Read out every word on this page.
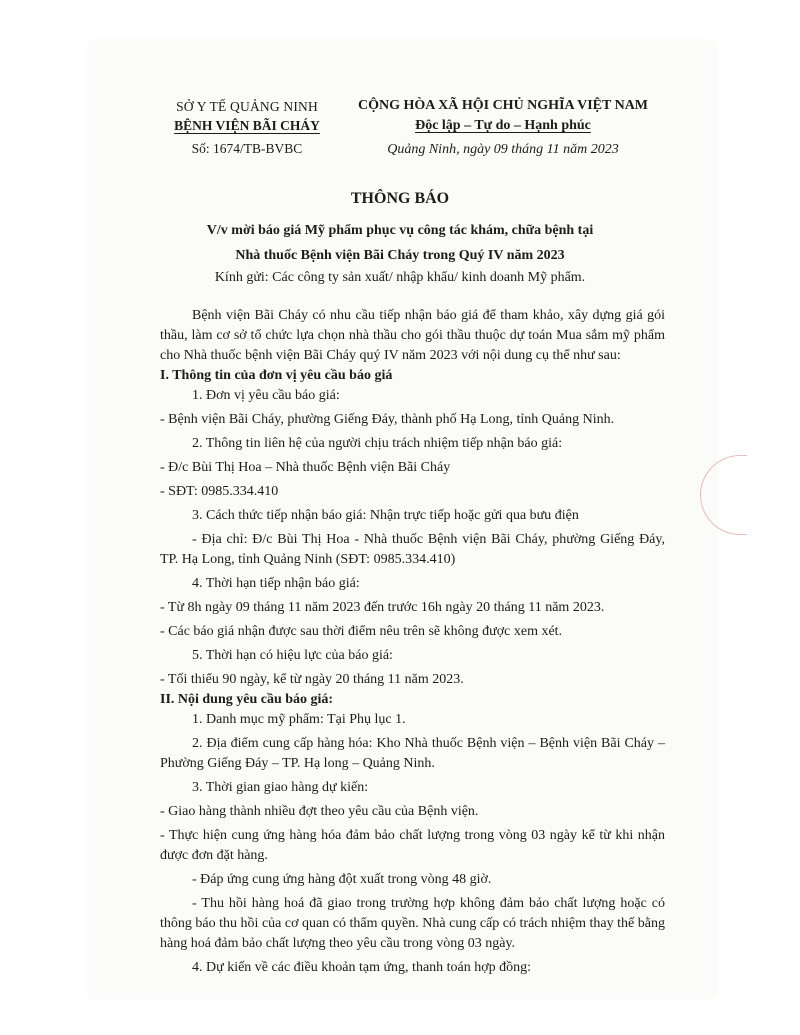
SỞ Y TẾ QUẢNG NINH
BỆNH VIỆN BÃI CHÁY
Số: 1674/TB-BVBC
CỘNG HÒA XÃ HỘI CHỦ NGHĨA VIỆT NAM
Độc lập – Tự do – Hạnh phúc
Quảng Ninh, ngày 09 tháng 11 năm 2023
THÔNG BÁO
V/v mời báo giá Mỹ phẩm phục vụ công tác khám, chữa bệnh tại
Nhà thuốc Bệnh viện Bãi Cháy trong Quý IV năm 2023
Kính gửi: Các công ty sản xuất/ nhập khẩu/ kinh doanh Mỹ phẩm.

Bệnh viện Bãi Cháy có nhu cầu tiếp nhận báo giá để tham khảo, xây dựng giá gói thầu, làm cơ sở tổ chức lựa chọn nhà thầu cho gói thầu thuộc dự toán Mua sắm mỹ phẩm cho Nhà thuốc bệnh viện Bãi Cháy quý IV năm 2023 với nội dung cụ thể như sau:

I. Thông tin của đơn vị yêu cầu báo giá

1. Đơn vị yêu cầu báo giá:

- Bệnh viện Bãi Cháy, phường Giếng Đáy, thành phố Hạ Long, tỉnh Quảng Ninh.

2. Thông tin liên hệ của người chịu trách nhiệm tiếp nhận báo giá:

- Đ/c Bùi Thị Hoa – Nhà thuốc Bệnh viện Bãi Cháy

- SĐT: 0985.334.410

3. Cách thức tiếp nhận báo giá: Nhận trực tiếp hoặc gửi qua bưu điện

- Địa chỉ: Đ/c Bùi Thị Hoa - Nhà thuốc Bệnh viện Bãi Cháy, phường Giếng Đáy, TP. Hạ Long, tỉnh Quảng Ninh (SĐT: 0985.334.410)

4. Thời hạn tiếp nhận báo giá:

- Từ 8h ngày 09 tháng 11 năm 2023 đến trước 16h ngày 20 tháng 11 năm 2023.

- Các báo giá nhận được sau thời điểm nêu trên sẽ không được xem xét.

5. Thời hạn có hiệu lực của báo giá:

- Tối thiểu 90 ngày, kể từ ngày 20 tháng 11 năm 2023.

II. Nội dung yêu cầu báo giá:

1. Danh mục mỹ phẩm: Tại Phụ lục 1.

2. Địa điểm cung cấp hàng hóa: Kho Nhà thuốc Bệnh viện – Bệnh viện Bãi Cháy – Phường Giếng Đáy – TP. Hạ long – Quảng Ninh.

3. Thời gian giao hàng dự kiến:

- Giao hàng thành nhiều đợt theo yêu cầu của Bệnh viện.

- Thực hiện cung ứng hàng hóa đảm bảo chất lượng trong vòng 03 ngày kể từ khi nhận được đơn đặt hàng.

- Đáp ứng cung ứng hàng đột xuất trong vòng 48 giờ.

- Thu hồi hàng hoá đã giao trong trường hợp không đảm bảo chất lượng hoặc có thông báo thu hồi của cơ quan có thẩm quyền. Nhà cung cấp có trách nhiệm thay thế bằng hàng hoá đảm bảo chất lượng theo yêu cầu trong vòng 03 ngày.

4. Dự kiến về các điều khoản tạm ứng, thanh toán hợp đồng:
